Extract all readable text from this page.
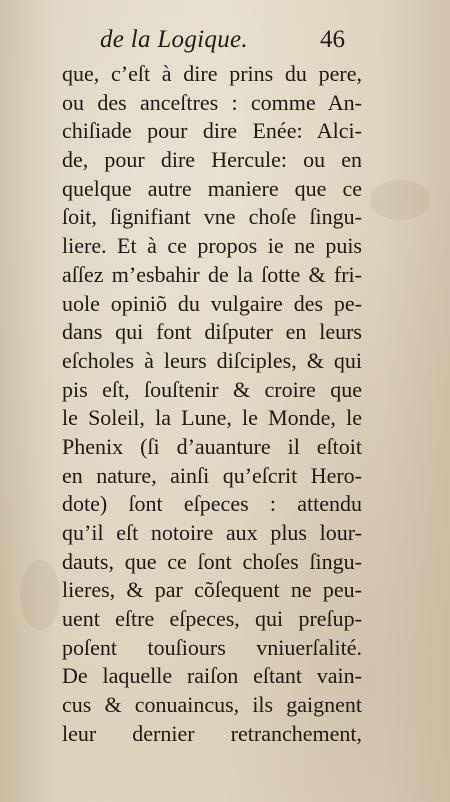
de la Logique.	46
que, c’eſt à dire prins du pere,
ou des anceſtres : comme An-
chiſiade pour dire Enée: Alci-
de, pour dire Hercule: ou en
quelque autre maniere que ce
ſoit, ſignifiant vne choſe ſingu-
liere. Et à ce propos ie ne puis
aſſez m’esbahir de la ſotte & fri-
uole opiniõ du vulgaire des pe-
dans qui font diſputer en leurs
eſcholes à leurs diſciples, & qui
pis eſt, ſouſtenir & croire que
le Soleil, la Lune, le Monde, le
Phenix (ſi d’auanture il eſtoit
en nature, ainſi qu’eſcrit Hero-
dote) ſont eſpeces : attendu
qu’il eſt notoire aux plus lour-
dauts, que ce ſont choſes ſingu-
lieres, & par cõſequent ne peu-
uent eſtre eſpeces, qui preſup-
poſent touſiours vniuerſalité.
De laquelle raiſon eſtant vain-
cus & conuaincus, ils gaignent
leur dernier retranchement,
